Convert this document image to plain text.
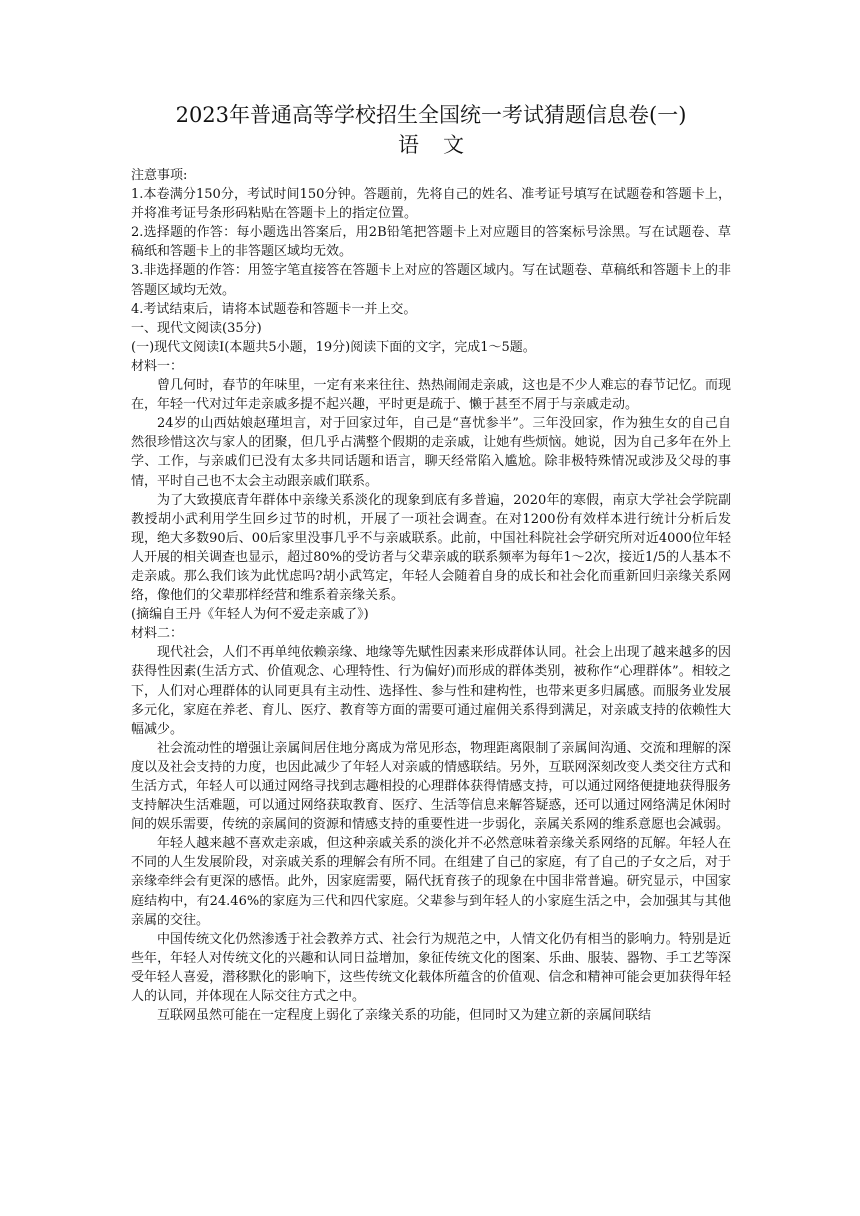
2023年普通高等学校招生全国统一考试猜题信息卷(一)
语文

注意事项:

1.本卷满分150分，考试时间150分钟。答题前，先将自己的姓名、准考证号填写在试题卷和答题卡上，并将准考证号条形码粘贴在答题卡上的指定位置。

2.选择题的作答：每小题选出答案后，用2B铅笔把答题卡上对应题目的答案标号涂黑。写在试题卷、草稿纸和答题卡上的非答题区域均无效。

3.非选择题的作答：用签字笔直接答在答题卡上对应的答题区域内。写在试题卷、草稿纸和答题卡上的非答题区域均无效。

4.考试结束后，请将本试题卷和答题卡一并上交。

一、现代文阅读(35分)

(一)现代文阅读I(本题共5小题，19分)阅读下面的文字，完成1～5题。

材料一：

曾几何时，春节的年味里，一定有来来往往、热热闹闹走亲戚，这也是不少人难忘的春节记忆。而现在，年轻一代对过年走亲戚多提不起兴趣，平时更是疏于、懒于甚至不屑于与亲戚走动。

24岁的山西姑娘赵瑾坦言，对于回家过年，自己是“喜忧参半”。三年没回家，作为独生女的自己自然很珍惜这次与家人的团聚，但几乎占满整个假期的走亲戚，让她有些烦恼。她说，因为自己多年在外上学、工作，与亲戚们已没有太多共同话题和语言，聊天经常陷入尴尬。除非极特殊情况或涉及父母的事情，平时自己也不太会主动跟亲戚们联系。

为了大致摸底青年群体中亲缘关系淡化的现象到底有多普遍，2020年的寒假，南京大学社会学院副教授胡小武利用学生回乡过节的时机，开展了一项社会调查。在对1200份有效样本进行统计分析后发现，绝大多数90后、00后家里没事几乎不与亲戚联系。此前，中国社科院社会学研究所对近4000位年轻人开展的相关调查也显示，超过80%的受访者与父辈亲戚的联系频率为每年1～2次，接近1/5的人基本不走亲戚。那么我们该为此忧虑吗?胡小武笃定，年轻人会随着自身的成长和社会化而重新回归亲缘关系网络，像他们的父辈那样经营和维系着亲缘关系。

(摘编自王丹《年轻人为何不爱走亲戚了》)

材料二：

现代社会，人们不再单纯依赖亲缘、地缘等先赋性因素来形成群体认同。社会上出现了越来越多的因获得性因素(生活方式、价值观念、心理特性、行为偏好)而形成的群体类别，被称作“心理群体”。相较之下，人们对心理群体的认同更具有主动性、选择性、参与性和建构性，也带来更多归属感。而服务业发展多元化，家庭在养老、育儿、医疗、教育等方面的需要可通过雇佣关系得到满足，对亲戚支持的依赖性大幅减少。

社会流动性的增强让亲属间居住地分离成为常见形态，物理距离限制了亲属间沟通、交流和理解的深度以及社会支持的力度，也因此减少了年轻人对亲戚的情感联结。另外，互联网深刻改变人类交往方式和生活方式，年轻人可以通过网络寻找到志趣相投的心理群体获得情感支持，可以通过网络便捷地获得服务支持解决生活难题，可以通过网络获取教育、医疗、生活等信息来解答疑惑，还可以通过网络满足休闲时间的娱乐需要，传统的亲属间的资源和情感支持的重要性进一步弱化，亲属关系网的维系意愿也会减弱。

年轻人越来越不喜欢走亲戚，但这种亲戚关系的淡化并不必然意味着亲缘关系网络的瓦解。年轻人在不同的人生发展阶段，对亲戚关系的理解会有所不同。在组建了自己的家庭，有了自己的子女之后，对于亲缘牵绊会有更深的感悟。此外，因家庭需要，隔代抚育孩子的现象在中国非常普遍。研究显示，中国家庭结构中，有24.46%的家庭为三代和四代家庭。父辈参与到年轻人的小家庭生活之中，会加强其与其他亲属的交往。

中国传统文化仍然渗透于社会教养方式、社会行为规范之中，人情文化仍有相当的影响力。特别是近些年，年轻人对传统文化的兴趣和认同日益增加，象征传统文化的图案、乐曲、服装、器物、手工艺等深受年轻人喜爱，潜移默化的影响下，这些传统文化载体所蕴含的价值观、信念和精神可能会更加获得年轻人的认同，并体现在人际交往方式之中。

互联网虽然可能在一定程度上弱化了亲缘关系的功能，但同时又为建立新的亲属间联结
